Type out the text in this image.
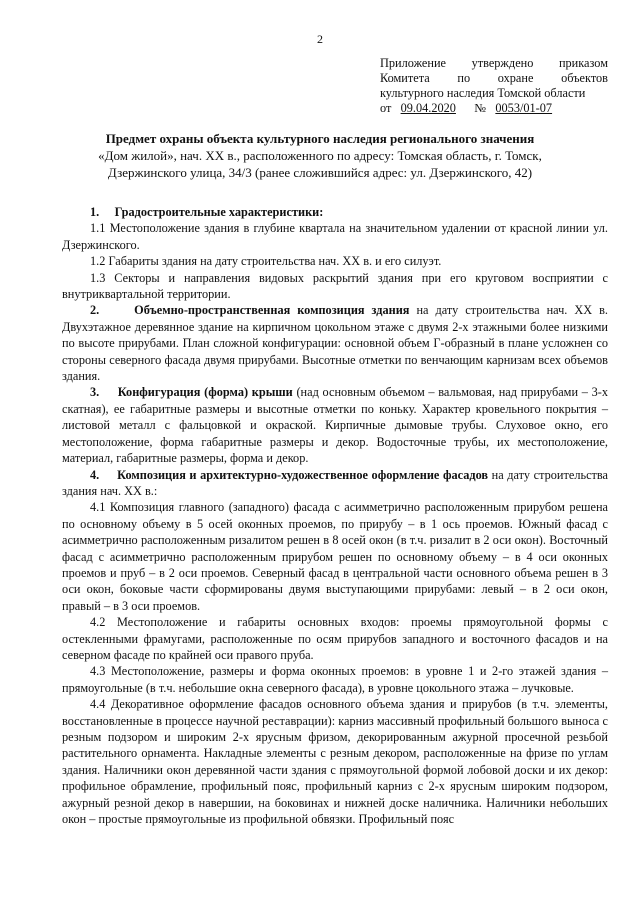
2
Приложение утверждено приказом
Комитета по охране объектов
культурного наследия Томской области
от 09.04.2020 № 0053/01-07
Предмет охраны объекта культурного наследия регионального значения
«Дом жилой», нач. XX в., расположенного по адресу: Томская область, г. Томск,
Дзержинского улица, 34/3 (ранее сложившийся адрес: ул. Дзержинского, 42)

1. Градостроительные характеристики:

1.1 Местоположение здания в глубине квартала на значительном удалении от красной линии ул. Дзержинского.

1.2 Габариты здания на дату строительства нач. XX в. и его силуэт.

1.3 Секторы и направления видовых раскрытий здания при его круговом восприятии с внутриквартальной территории.

2.	Объемно-пространственная композиция здания на дату строительства нач. XX в. Двухэтажное деревянное здание на кирпичном цокольном этаже с двумя 2-х этажными более низкими по высоте прирубами. План сложной конфигурации: основной объем Г-образный в плане усложнен со стороны северного фасада двумя прирубами. Высотные отметки по венчающим карнизам всех объемов здания.

3. Конфигурация (форма) крыши (над основным объемом – вальмовая, над прирубами – 3-х скатная), ее габаритные размеры и высотные отметки по коньку. Характер кровельного покрытия – листовой металл с фальцовкой и окраской. Кирпичные дымовые трубы. Слуховое окно, его местоположение, форма габаритные размеры и декор. Водосточные трубы, их местоположение, материал, габаритные размеры, форма и декор.

4. Композиция и архитектурно-художественное оформление фасадов на дату строительства здания нач. XX в.:

4.1 Композиция главного (западного) фасада с асимметрично расположенным прирубом решена по основному объему в 5 осей оконных проемов, по прирубу – в 1 ось проемов. Южный фасад с асимметрично расположенным ризалитом решен в 8 осей окон (в т.ч. ризалит в 2 оси окон). Восточный фасад с асимметрично расположенным прирубом решен по основному объему – в 4 оси оконных проемов и пруб – в 2 оси проемов. Северный фасад в центральной части основного объема решен в 3 оси окон, боковые части сформированы двумя выступающими прирубами: левый – в 2 оси окон, правый – в 3 оси проемов.

4.2 Местоположение и габариты основных входов: проемы прямоугольной формы с остекленными фрамугами, расположенные по осям прирубов западного и восточного фасадов и на северном фасаде по крайней оси правого пруба.

4.3 Местоположение, размеры и форма оконных проемов: в уровне 1 и 2-го этажей здания – прямоугольные (в т.ч. небольшие окна северного фасада), в уровне цокольного этажа – лучковые.

4.4 Декоративное оформление фасадов основного объема здания и прирубов (в т.ч. элементы, восстановленные в процессе научной реставрации): карниз массивный профильный большого выноса с резным подзором и широким 2-х ярусным фризом, декорированным ажурной просечной резьбой растительного орнамента. Накладные элементы с резным декором, расположенные на фризе по углам здания. Наличники окон деревянной части здания с прямоугольной формой лобовой доски и их декор: профильное обрамление, профильный пояс, профильный карниз с 2-х ярусным широким подзором, ажурный резной декор в навершии, на боковинах и нижней доске наличника. Наличники небольших окон – простые прямоугольные из профильной обвязки. Профильный пояс
